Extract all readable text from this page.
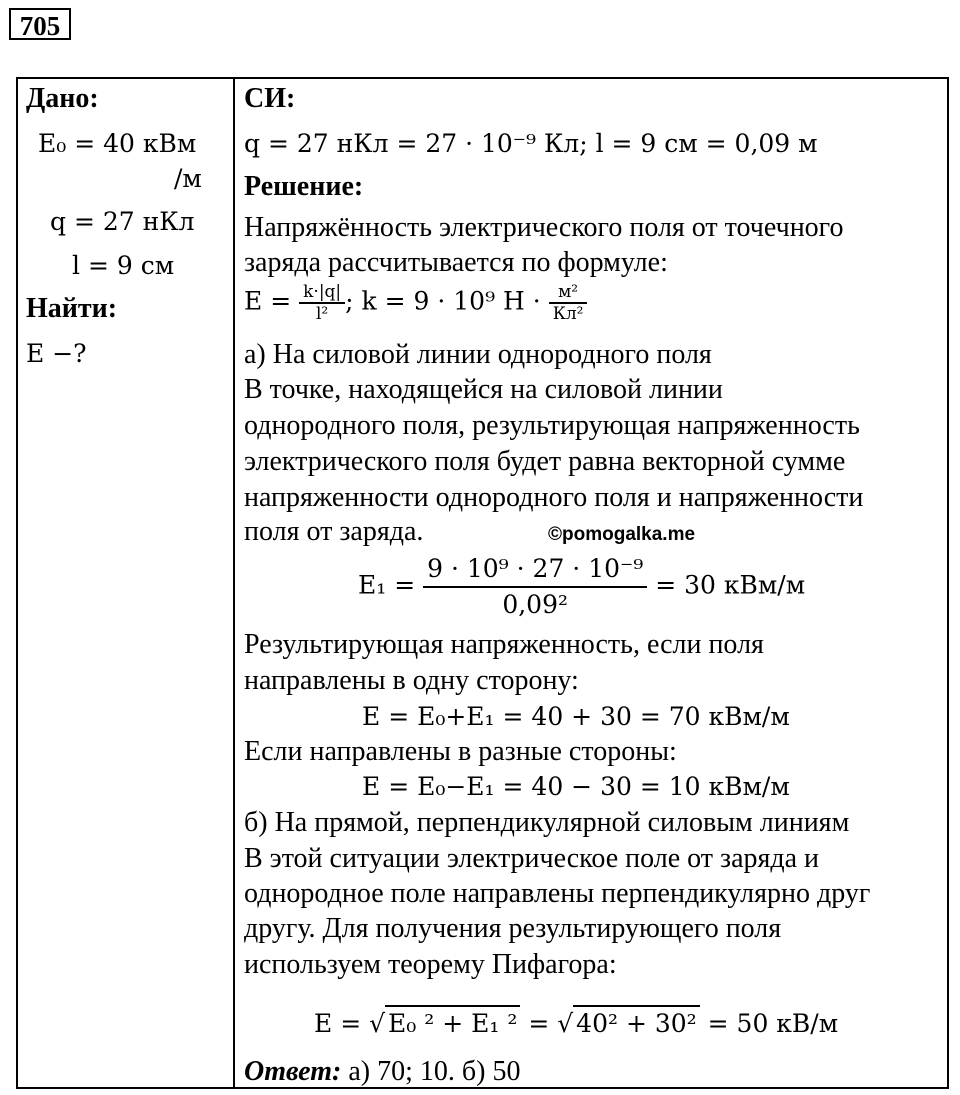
705
Дано:
E₀ = 40 кВм
/м
q = 27 нКл
l = 9 см
Найти:
E −?
СИ:
q = 27 нКл = 27 · 10⁻⁹ Кл; l = 9 см = 0,09 м
Решение:
Напряжённость электрического поля от точечного
заряда рассчитывается по формуле:
$E = \frac{k\cdot|q|}{\text{l²}}$ ; k = 9 · 10⁹ $Н \cdot \frac{\text{м²}}{\text{Кл²}}$
а) На силовой линии однородного поля
В точке, находящейся на силовой линии
однородного поля, результирующая напряженность
электрического поля будет равна векторной сумме
напряженности однородного поля и напряженности
поля от заряда.	©pomogalka.me
$E_1 = \frac{\text{9 · 10⁹ · 27 · 10⁻⁹}}{\text{0,09²}} = 30$ кВм/м
Результирующая напряженность, если поля
направлены в одну сторону:
E = E₀+E₁ = 40 + 30 = 70 кВм/м
Если направлены в разные стороны:
E = E₀−E₁ = 40 − 30 = 10 кВм/м
б) На прямой, перпендикулярной силовым линиям
В этой ситуации электрическое поле от заряда и
однородное поле направлены перпендикулярно друг
другу. Для получения результирующего поля
используем теорему Пифагора:
E = √ E₀ ² + E₁ ² = √ 40² + 30² = 50 кВ/м
Ответ: а) 70; 10. б) 50
